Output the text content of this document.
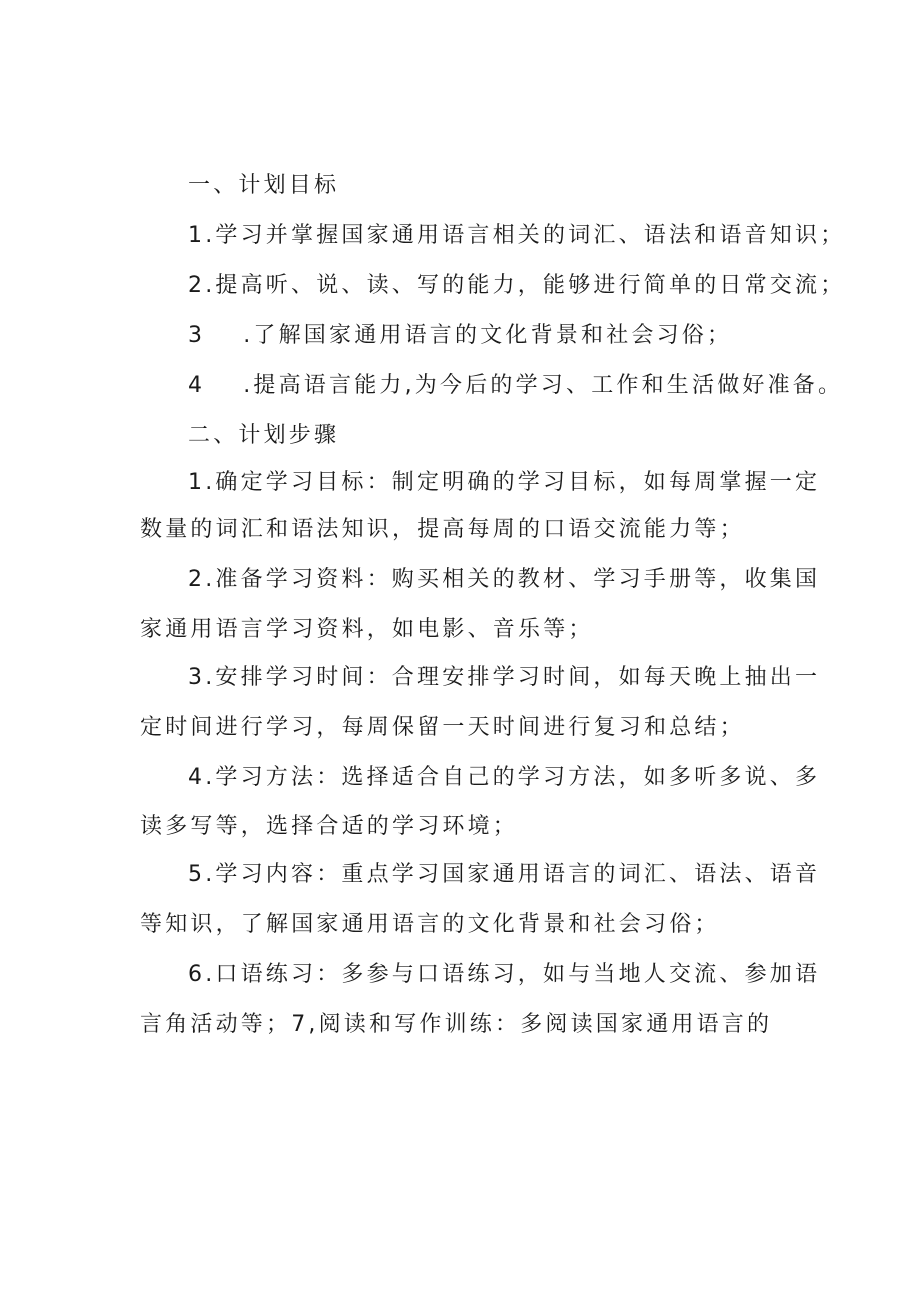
一、计划目标
1.学习并掌握国家通用语言相关的词汇、语法和语音知识；
2.提高听、说、读、写的能力，能够进行简单的日常交流；
3 .了解国家通用语言的文化背景和社会习俗；
4 .提高语言能力,为今后的学习、工作和生活做好准备。
二、计划步骤
1.确定学习目标：制定明确的学习目标，如每周掌握一定
数量的词汇和语法知识，提高每周的口语交流能力等；
2.准备学习资料：购买相关的教材、学习手册等，收集国
家通用语言学习资料，如电影、音乐等；
3.安排学习时间：合理安排学习时间，如每天晚上抽出一
定时间进行学习，每周保留一天时间进行复习和总结；
4.学习方法：选择适合自己的学习方法，如多听多说、多
读多写等，选择合适的学习环境；
5.学习内容：重点学习国家通用语言的词汇、语法、语音
等知识，了解国家通用语言的文化背景和社会习俗；
6.口语练习：多参与口语练习，如与当地人交流、参加语
言角活动等；7,阅读和写作训练：多阅读国家通用语言的
